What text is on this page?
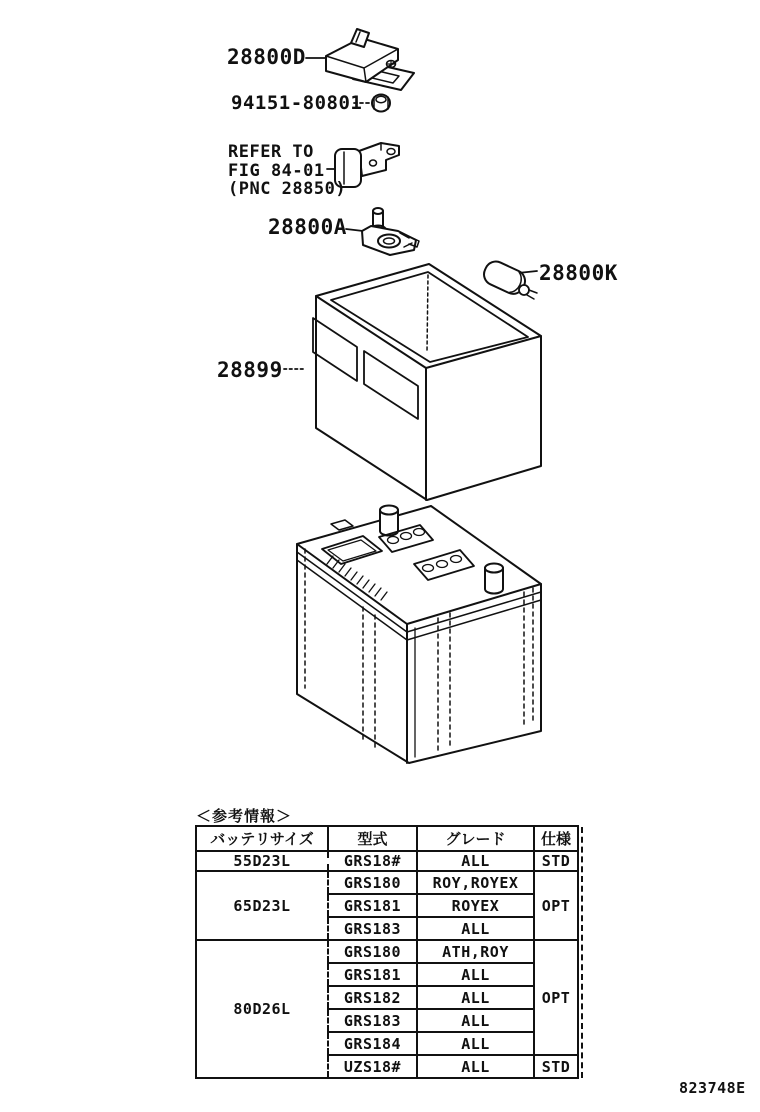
28800D
94151-80801
REFER TO
FIG 84-01
(PNC 28850)
28800A
28800K
28899
＜参考情報＞
バッテリサイズ	型式	グレード	仕様
55D23L	GRS18#	ALL	STD
65D23L	GRS180	ROY,ROYEX	OPT
	GRS181	ROYEX	
	GRS183	ALL	
80D26L	GRS180	ATH,ROY	OPT
	GRS181	ALL	
	GRS182	ALL	
	GRS183	ALL	
	GRS184	ALL	
	UZS18#	ALL	STD
823748E
